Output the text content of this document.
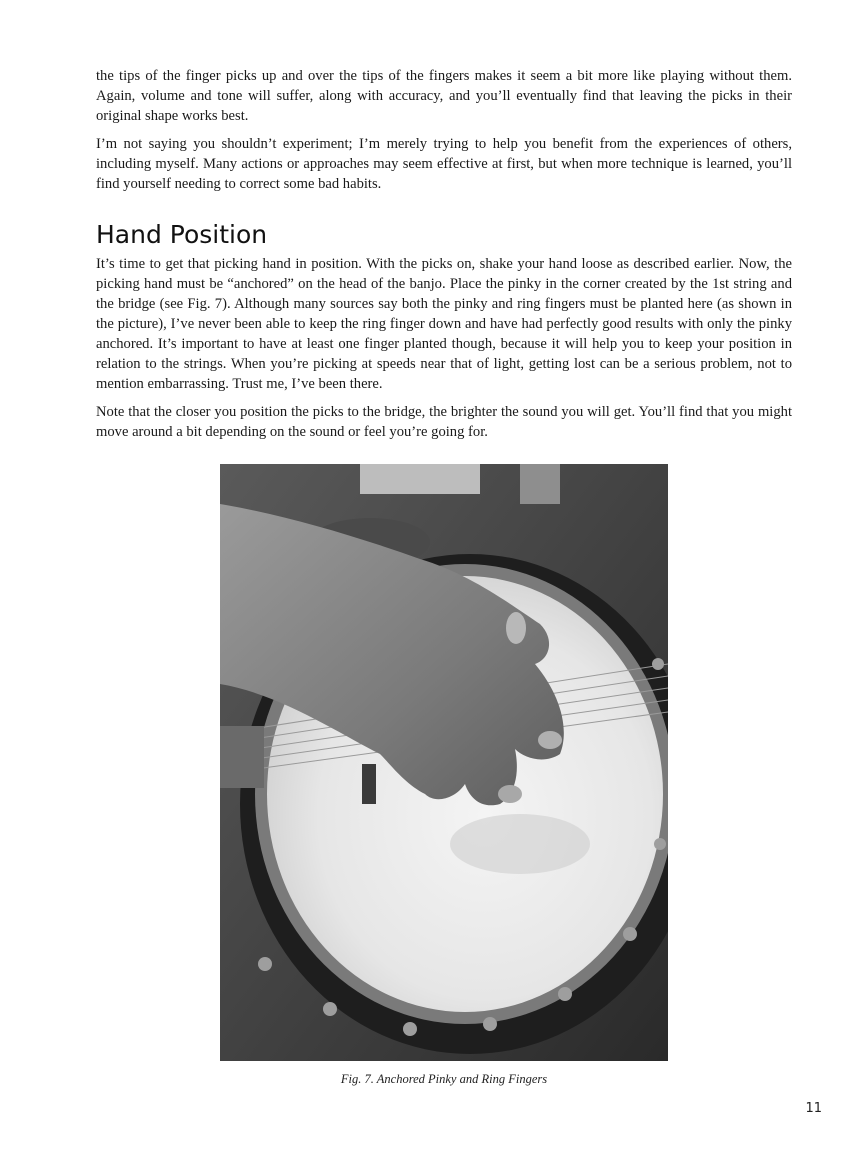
the tips of the finger picks up and over the tips of the fingers makes it seem a bit more like playing without them. Again, volume and tone will suffer, along with accuracy, and you’ll eventually find that leaving the picks in their original shape works best.

I’m not saying you shouldn’t experiment; I’m merely trying to help you benefit from the experiences of others, including myself. Many actions or approaches may seem effective at first, but when more technique is learned, you’ll find yourself needing to correct some bad habits.

Hand Position

It’s time to get that picking hand in position. With the picks on, shake your hand loose as described earlier. Now, the picking hand must be “anchored” on the head of the banjo. Place the pinky in the corner created by the 1st string and the bridge (see Fig. 7). Although many sources say both the pinky and ring fingers must be planted here (as shown in the picture), I’ve never been able to keep the ring finger down and have had perfectly good results with only the pinky anchored. It’s important to have at least one finger planted though, because it will help you to keep your position in relation to the strings. When you’re picking at speeds near that of light, getting lost can be a serious problem, not to mention embarrassing. Trust me, I’ve been there.

Note that the closer you position the picks to the bridge, the brighter the sound you will get. You’ll find that you might move around a bit depending on the sound or feel you’re going for.

Fig. 7. Anchored Pinky and Ring Fingers
11
